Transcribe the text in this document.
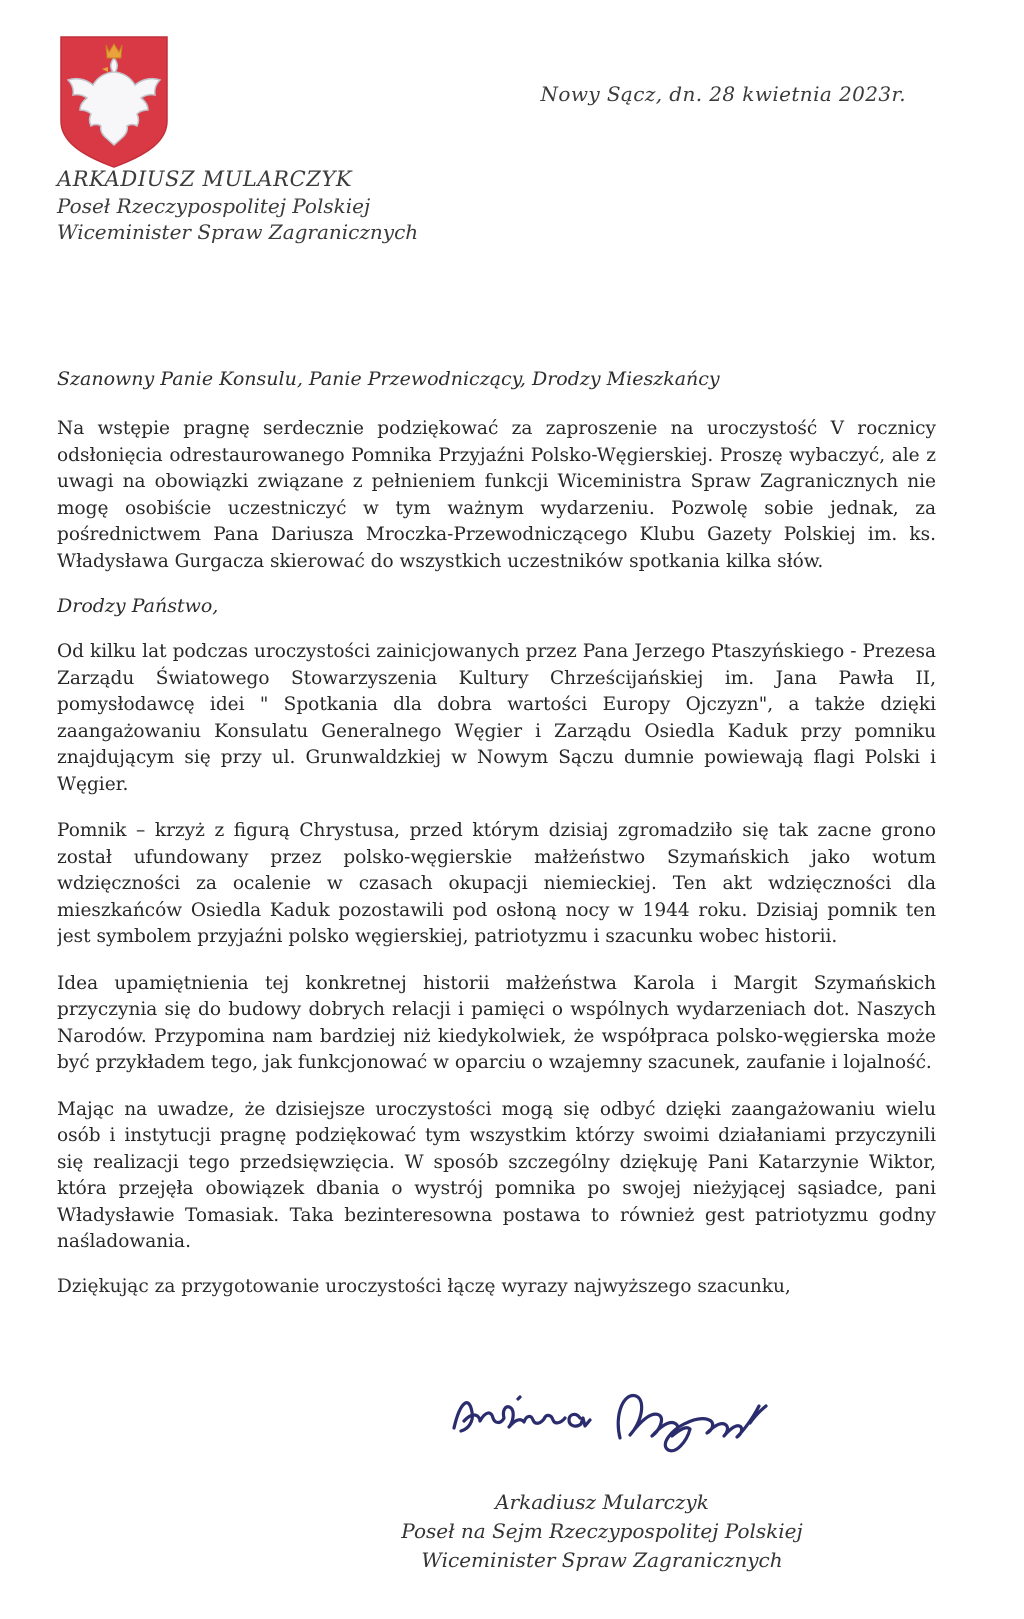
Nowy Sącz, dn. 28 kwietnia 2023r.
ARKADIUSZ MULARCZYK
Poseł Rzeczypospolitej Polskiej
Wiceminister Spraw Zagranicznych
Szanowny Panie Konsulu, Panie Przewodniczący, Drodzy Mieszkańcy

Na wstępie pragnę serdecznie podziękować za zaproszenie na uroczystość V rocznicy odsłonięcia odrestaurowanego Pomnika Przyjaźni Polsko-Węgierskiej. Proszę wybaczyć, ale z uwagi na obowiązki związane z pełnieniem funkcji Wiceministra Spraw Zagranicznych nie mogę osobiście uczestniczyć w tym ważnym wydarzeniu. Pozwolę sobie jednak, za pośrednictwem Pana Dariusza Mroczka-Przewodniczącego Klubu Gazety Polskiej im. ks. Władysława Gurgacza skierować do wszystkich uczestników spotkania kilka słów.

Drodzy Państwo,

Od kilku lat podczas uroczystości zainicjowanych przez Pana Jerzego Ptaszyńskiego - Prezesa Zarządu Światowego Stowarzyszenia Kultury Chrześcijańskiej im. Jana Pawła II, pomysłodawcę idei " Spotkania dla dobra wartości Europy Ojczyzn", a także dzięki zaangażowaniu Konsulatu Generalnego Węgier i Zarządu Osiedla Kaduk przy pomniku znajdującym się przy ul. Grunwaldzkiej w Nowym Sączu dumnie powiewają flagi Polski i Węgier.

Pomnik – krzyż z figurą Chrystusa, przed którym dzisiaj zgromadziło się tak zacne grono został ufundowany przez polsko-węgierskie małżeństwo Szymańskich jako wotum wdzięczności za ocalenie w czasach okupacji niemieckiej. Ten akt wdzięczności dla mieszkańców Osiedla Kaduk pozostawili pod osłoną nocy w 1944 roku. Dzisiaj pomnik ten jest symbolem przyjaźni polsko węgierskiej, patriotyzmu i szacunku wobec historii.

Idea upamiętnienia tej konkretnej historii małżeństwa Karola i Margit Szymańskich przyczynia się do budowy dobrych relacji i pamięci o wspólnych wydarzeniach dot. Naszych Narodów. Przypomina nam bardziej niż kiedykolwiek, że współpraca polsko-węgierska może być przykładem tego, jak funkcjonować w oparciu o wzajemny szacunek, zaufanie i lojalność.

Mając na uwadze, że dzisiejsze uroczystości mogą się odbyć dzięki zaangażowaniu wielu osób i instytucji pragnę podziękować tym wszystkim którzy swoimi działaniami przyczynili się realizacji tego przedsięwzięcia. W sposób szczególny dziękuję Pani Katarzynie Wiktor, która przejęła obowiązek dbania o wystrój pomnika po swojej nieżyjącej sąsiadce, pani Władysławie Tomasiak. Taka bezinteresowna postawa to również gest patriotyzmu godny naśladowania.

Dziękując za przygotowanie uroczystości łączę wyrazy najwyższego szacunku,

Arkadiusz Mularczyk
Poseł na Sejm Rzeczypospolitej Polskiej
Wiceminister Spraw Zagranicznych
